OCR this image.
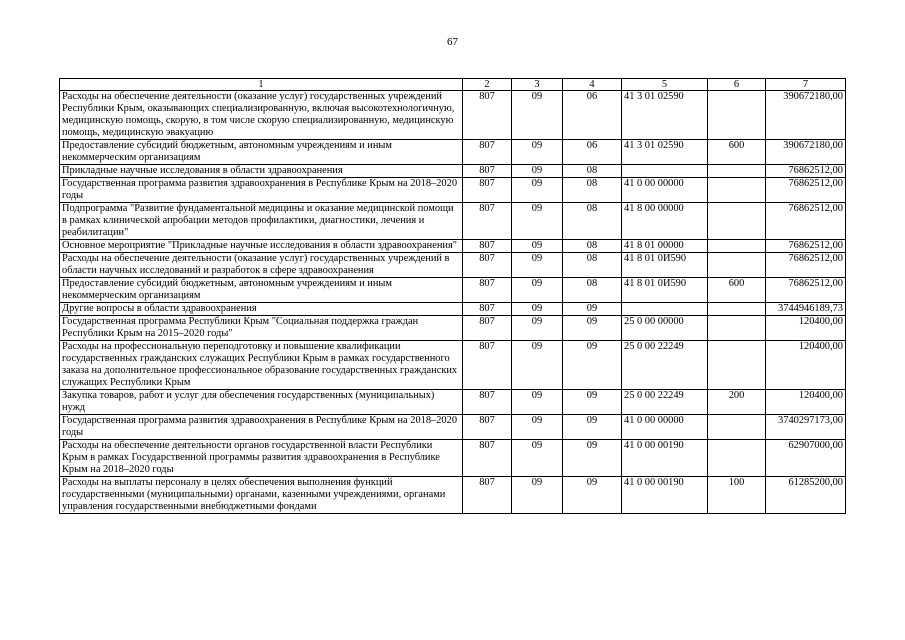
67
1	2	3	4	5	6	7
Расходы на обеспечение деятельности (оказание услуг) государственных учреждений Республики Крым, оказывающих специализированную, включая высокотехнологичную, медицинскую помощь, скорую, в том числе скорую специализированную, медицинскую помощь, медицинскую эвакуацию	807	09	06	41 3 01 02590		390672180,00
Предоставление субсидий бюджетным, автономным учреждениям и иным некоммерческим организациям	807	09	06	41 3 01 02590	600	390672180,00
Прикладные научные исследования в области здравоохранения	807	09	08			76862512,00
Государственная программа развития здравоохранения в Республике Крым на 2018–2020 годы	807	09	08	41 0 00 00000		76862512,00
Подпрограмма "Развитие фундаментальной медицины и оказание медицинской помощи в рамках клинической апробации методов профилактики, диагностики, лечения и реабилитации"	807	09	08	41 8 00 00000		76862512,00
Основное мероприятие "Прикладные научные исследования в области здравоохранения"	807	09	08	41 8 01 00000		76862512,00
Расходы на обеспечение деятельности (оказание услуг) государственных учреждений в области научных исследований и разработок в сфере здравоохранения	807	09	08	41 8 01 0И590		76862512,00
Предоставление субсидий бюджетным, автономным учреждениям и иным некоммерческим организациям	807	09	08	41 8 01 0И590	600	76862512,00
Другие вопросы в области здравоохранения	807	09	09			3744946189,73
Государственная программа Республики Крым "Социальная поддержка граждан Республики Крым на 2015–2020 годы"	807	09	09	25 0 00 00000		120400,00
Расходы на профессиональную переподготовку и повышение квалификации государственных гражданских служащих Республики Крым в рамках государственного заказа на дополнительное профессиональное образование государственных гражданских служащих Республики Крым	807	09	09	25 0 00 22249		120400,00
Закупка товаров, работ и услуг для обеспечения государственных (муниципальных) нужд	807	09	09	25 0 00 22249	200	120400,00
Государственная программа развития здравоохранения в Республике Крым на 2018–2020 годы	807	09	09	41 0 00 00000		3740297173,00
Расходы на обеспечение деятельности органов государственной власти Республики Крым в рамках Государственной программы развития здравоохранения в Республике Крым на 2018–2020 годы	807	09	09	41 0 00 00190		62907000,00
Расходы на выплаты персоналу в целях обеспечения выполнения функций государственными (муниципальными) органами, казенными учреждениями, органами управления государственными внебюджетными фондами	807	09	09	41 0 00 00190	100	61285200,00
